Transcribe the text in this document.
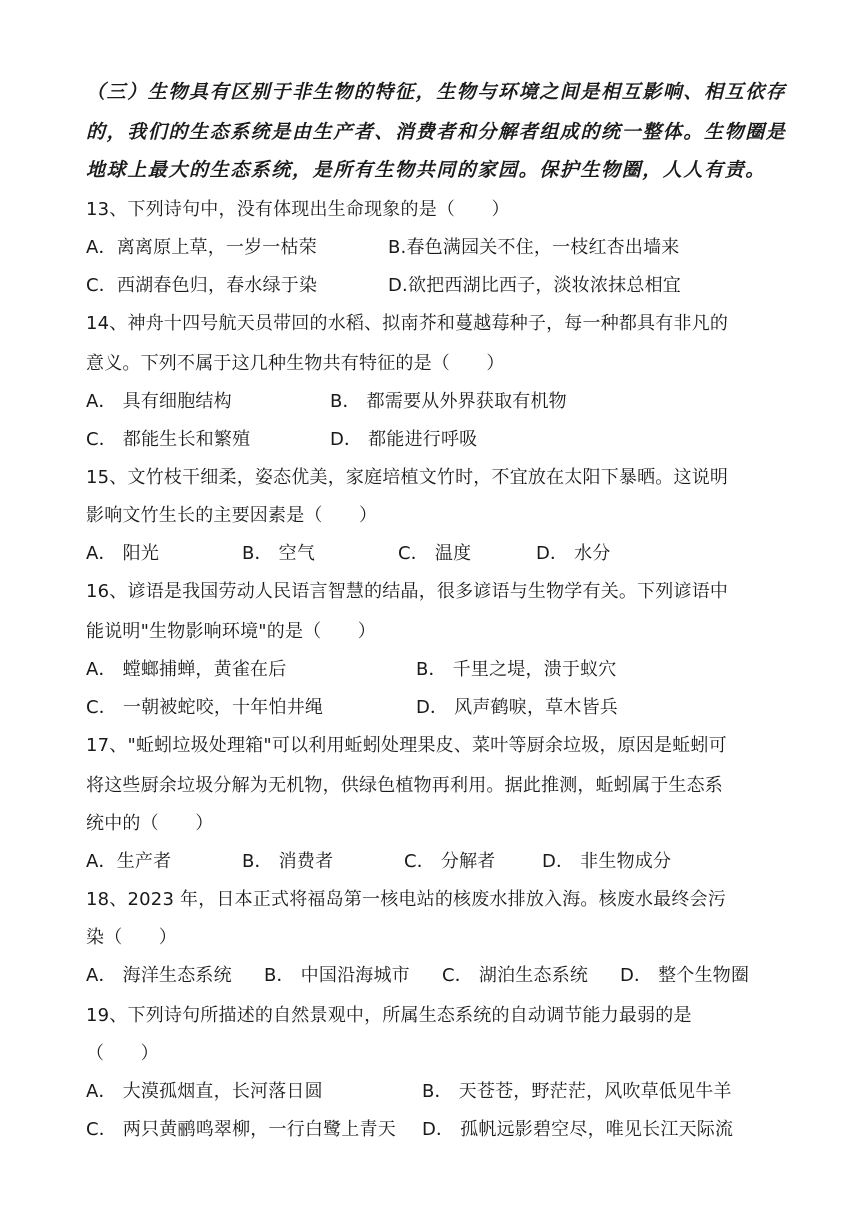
（三）生物具有区别于非生物的特征，生物与环境之间是相互影响、相互依存
的，我们的生态系统是由生产者、消费者和分解者组成的统一整体。生物圈是
地球上最大的生态系统，是所有生物共同的家园。保护生物圈，人人有责。
13、下列诗句中，没有体现出生命现象的是（　　）
A．离离原上草，一岁一枯荣	B.春色满园关不住，一枝红杏出墙来
C．西湖春色归，春水绿于染	D.欲把西湖比西子，淡妆浓抹总相宜
14、神舟十四号航天员带回的水稻、拟南芥和蔓越莓种子，每一种都具有非凡的
意义。下列不属于这几种生物共有特征的是（　　）
A． 具有细胞结构	B． 都需要从外界获取有机物
C． 都能生长和繁殖	D． 都能进行呼吸
15、文竹枝干细柔，姿态优美，家庭培植文竹时，不宜放在太阳下暴晒。这说明
影响文竹生长的主要因素是（　　）
A． 阳光	B． 空气	C． 温度	D． 水分
16、谚语是我国劳动人民语言智慧的结晶，很多谚语与生物学有关。下列谚语中
能说明"生物影响环境"的是（　　）
A． 螳螂捕蝉，黄雀在后	B． 千里之堤，溃于蚁穴
C． 一朝被蛇咬，十年怕井绳	D． 风声鹤唳，草木皆兵
17、"蚯蚓垃圾处理箱"可以利用蚯蚓处理果皮、菜叶等厨余垃圾，原因是蚯蚓可
将这些厨余垃圾分解为无机物，供绿色植物再利用。据此推测，蚯蚓属于生态系
统中的（　　）
A．生产者	B． 消费者	C． 分解者	D． 非生物成分
18、2023 年，日本正式将福岛第一核电站的核废水排放入海。核废水最终会污
染（　　）
A． 海洋生态系统 B． 中国沿海城市 C． 湖泊生态系统 D． 整个生物圈
19、下列诗句所描述的自然景观中，所属生态系统的自动调节能力最弱的是
（　　）
A． 大漠孤烟直，长河落日圆	B． 天苍苍，野茫茫，风吹草低见牛羊
C． 两只黄鹂鸣翠柳，一行白鹭上青天 D． 孤帆远影碧空尽，唯见长江天际流
